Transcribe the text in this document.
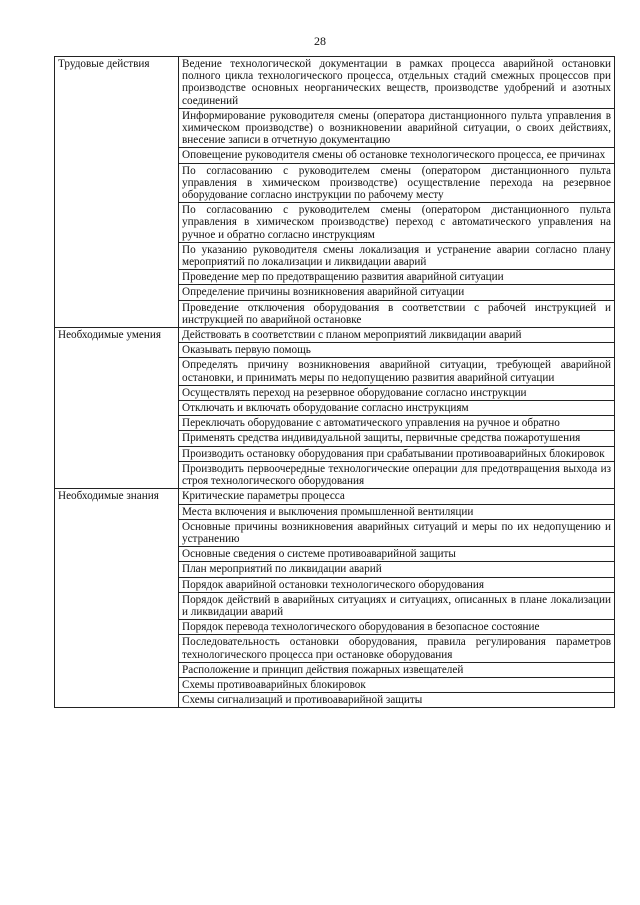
28
Трудовые действия	Ведение технологической документации в рамках процесса аварийной остановки полного цикла технологического процесса, отдельных стадий смежных процессов при производстве основных неорганических веществ, производстве удобрений и азотных соединений
	Информирование руководителя смены (оператора дистанционного пульта управления в химическом производстве) о возникновении аварийной ситуации, о своих действиях, внесение записи в отчетную документацию
	Оповещение руководителя смены об остановке технологического процесса, ее причинах
	По согласованию с руководителем смены (оператором дистанционного пульта управления в химическом производстве) осуществление перехода на резервное оборудование согласно инструкции по рабочему месту
	По согласованию с руководителем смены (оператором дистанционного пульта управления в химическом производстве) переход с автоматического управления на ручное и обратно согласно инструкциям
	По указанию руководителя смены локализация и устранение аварии согласно плану мероприятий по локализации и ликвидации аварий
	Проведение мер по предотвращению развития аварийной ситуации
	Определение причины возникновения аварийной ситуации
	Проведение отключения оборудования в соответствии с рабочей инструкцией и инструкцией по аварийной остановке
Необходимые умения	Действовать в соответствии с планом мероприятий ликвидации аварий
	Оказывать первую помощь
	Определять причину возникновения аварийной ситуации, требующей аварийной остановки, и принимать меры по недопущению развития аварийной ситуации
	Осуществлять переход на резервное оборудование согласно инструкции
	Отключать и включать оборудование согласно инструкциям
	Переключать оборудование с автоматического управления на ручное и обратно
	Применять средства индивидуальной защиты, первичные средства пожаротушения
	Производить остановку оборудования при срабатывании противоаварийных блокировок
	Производить первоочередные технологические операции для предотвращения выхода из строя технологического оборудования
Необходимые знания	Критические параметры процесса
	Места включения и выключения промышленной вентиляции
	Основные причины возникновения аварийных ситуаций и меры по их недопущению и устранению
	Основные сведения о системе противоаварийной защиты
	План мероприятий по ликвидации аварий
	Порядок аварийной остановки технологического оборудования
	Порядок действий в аварийных ситуациях и ситуациях, описанных в плане локализации и ликвидации аварий
	Порядок перевода технологического оборудования в безопасное состояние
	Последовательность остановки оборудования, правила регулирования параметров технологического процесса при остановке оборудования
	Расположение и принцип действия пожарных извещателей
	Схемы противоаварийных блокировок
	Схемы сигнализаций и противоаварийной защиты
